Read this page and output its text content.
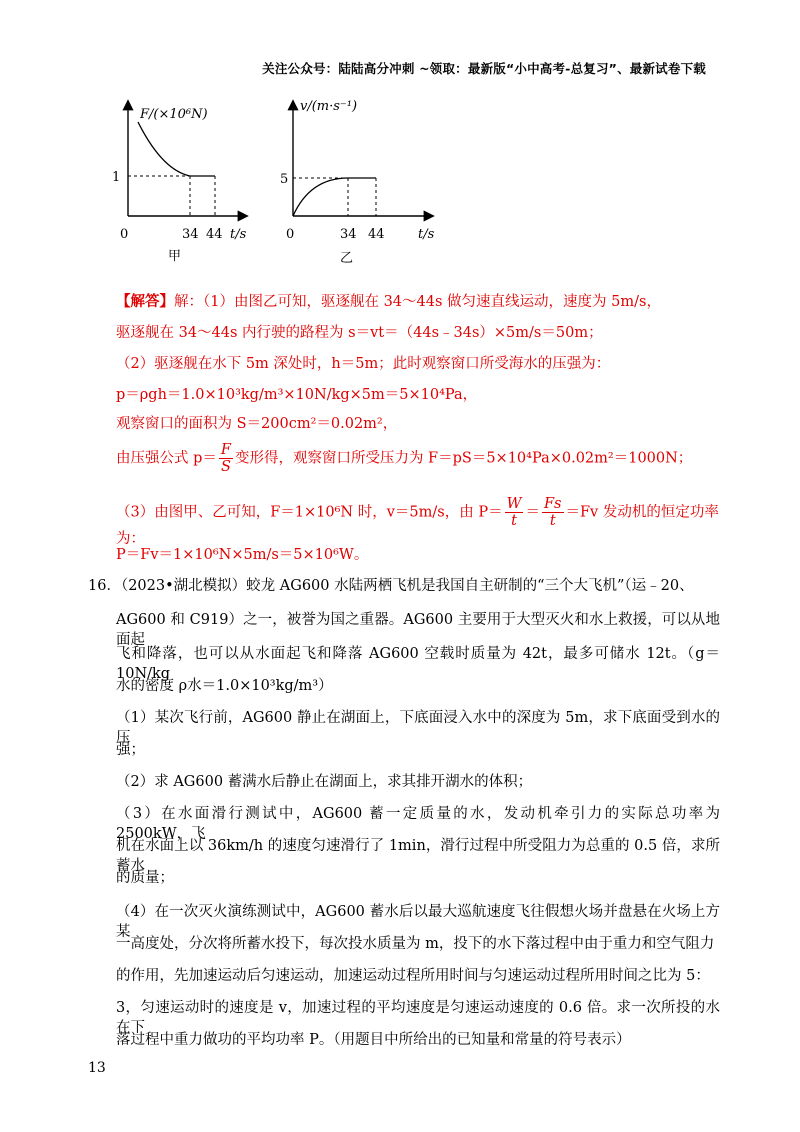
关注公众号：陆陆高分冲刺 ~领取：最新版“小中高考-总复习”、最新试卷下载
F/(×10⁶N)
1
0	34 44 t/s
甲
v/(m·s⁻¹)
5
0	34 44	t/s
乙
【解答】解：（1）由图乙可知，驱逐舰在 34～44s 做匀速直线运动，速度为 5m/s，
驱逐舰在 34～44s 内行驶的路程为 s＝vt＝（44s﹣34s）×5m/s＝50m；
（2）驱逐舰在水下 5m 深处时，h＝5m；此时观察窗口所受海水的压强为：
p＝ρgh＝1.0×10³kg/m³×10N/kg×5m＝5×10⁴Pa，
观察窗口的面积为 S＝200cm²＝0.02m²，
由压强公式 $p= \frac{F}{S}$ 变形得，观察窗口所受压力为 F＝pS＝5×10⁴Pa×0.02m²＝1000N；
（3）由图甲、乙可知，F＝1×10⁶N 时，v＝5m/s，由 $P= \frac{W}{t} = \frac{Fs}{t} =Fv$ 发动机的恒定功率为：
P＝Fv＝1×10⁶N×5m/s＝5×10⁶W。
16．（2023•湖北模拟）蛟龙 AG600 水陆两栖飞机是我国自主研制的“三个大飞机”（运﹣20、
AG600 和 C919）之一，被誉为国之重器。AG600 主要用于大型灭火和水上救援，可以从地面起
飞和降落，也可以从水面起飞和降落 AG600 空载时质量为 42t，最多可储水 12t。（g＝10N/kg
水的密度 ρ水＝1.0×10³kg/m³）
（1）某次飞行前，AG600 静止在湖面上，下底面浸入水中的深度为 5m，求下底面受到水的压
强；
（2）求 AG600 蓄满水后静止在湖面上，求其排开湖水的体积；
（3）在水面滑行测试中，AG600 蓄一定质量的水，发动机牵引力的实际总功率为 2500kW，飞
机在水面上以 36km/h 的速度匀速滑行了 1min，滑行过程中所受阻力为总重的 0.5 倍，求所蓄水
的质量；
（4）在一次灭火演练测试中，AG600 蓄水后以最大巡航速度飞往假想火场并盘悬在火场上方某
一高度处，分次将所蓄水投下，每次投水质量为 m，投下的水下落过程中由于重力和空气阻力
的作用，先加速运动后匀速运动，加速运动过程所用时间与匀速运动过程所用时间之比为 5：
3，匀速运动时的速度是 v，加速过程的平均速度是匀速运动速度的 0.6 倍。求一次所投的水在下
落过程中重力做功的平均功率 P。（用题目中所给出的已知量和常量的符号表示）
13
